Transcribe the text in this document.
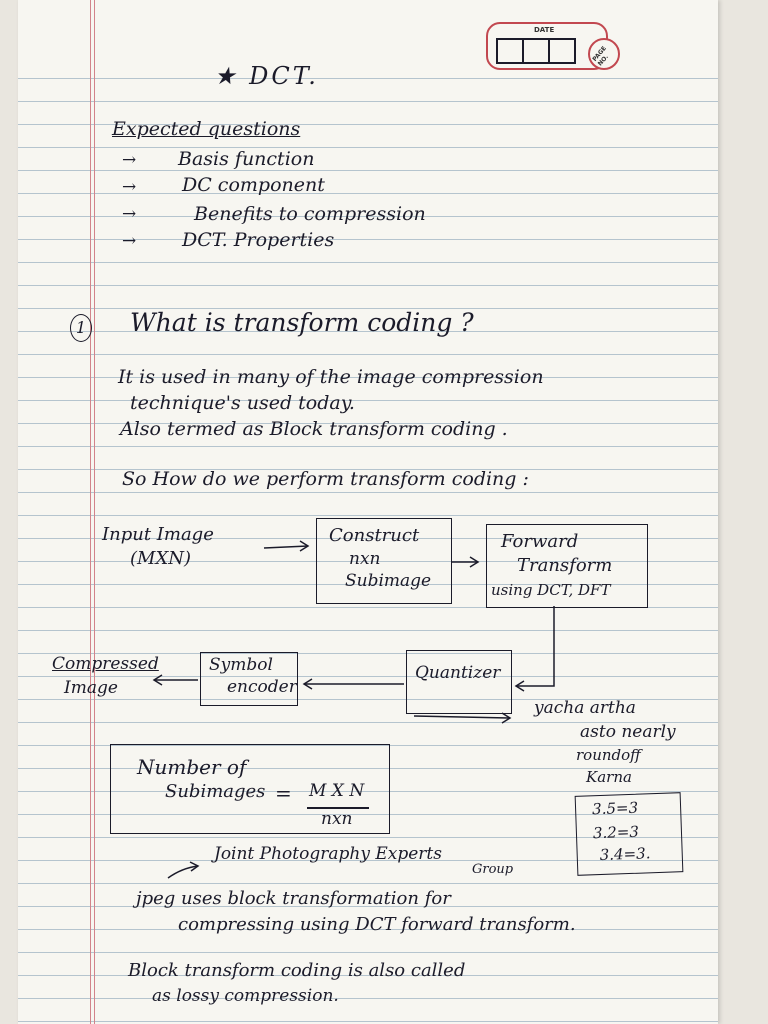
DATE
PAGE NO.
★ DCT.
Expected questions
→ Basis function
→ DC component
→	Benefits to compression
→ DCT. Properties
1 What is transform coding ?
It is used in many of the image compression
technique's used today.
Also termed as Block transform coding .
So How do we perform transform coding :
Input Image
(MXN)
Construct
nxn
Subimage
Forward
Transform
using DCT, DFT
Quantizer
Symbol
encoder
Compressed
Image
yacha artha
asto nearly
roundoff
Karna
3.5=3
3.2=3
3.4=3.
Number of
Subimages = M X N
nxn
Joint Photography Experts
Group
jpeg uses block transformation for
compressing using DCT forward transform.
Block transform coding is also called
as lossy compression.
